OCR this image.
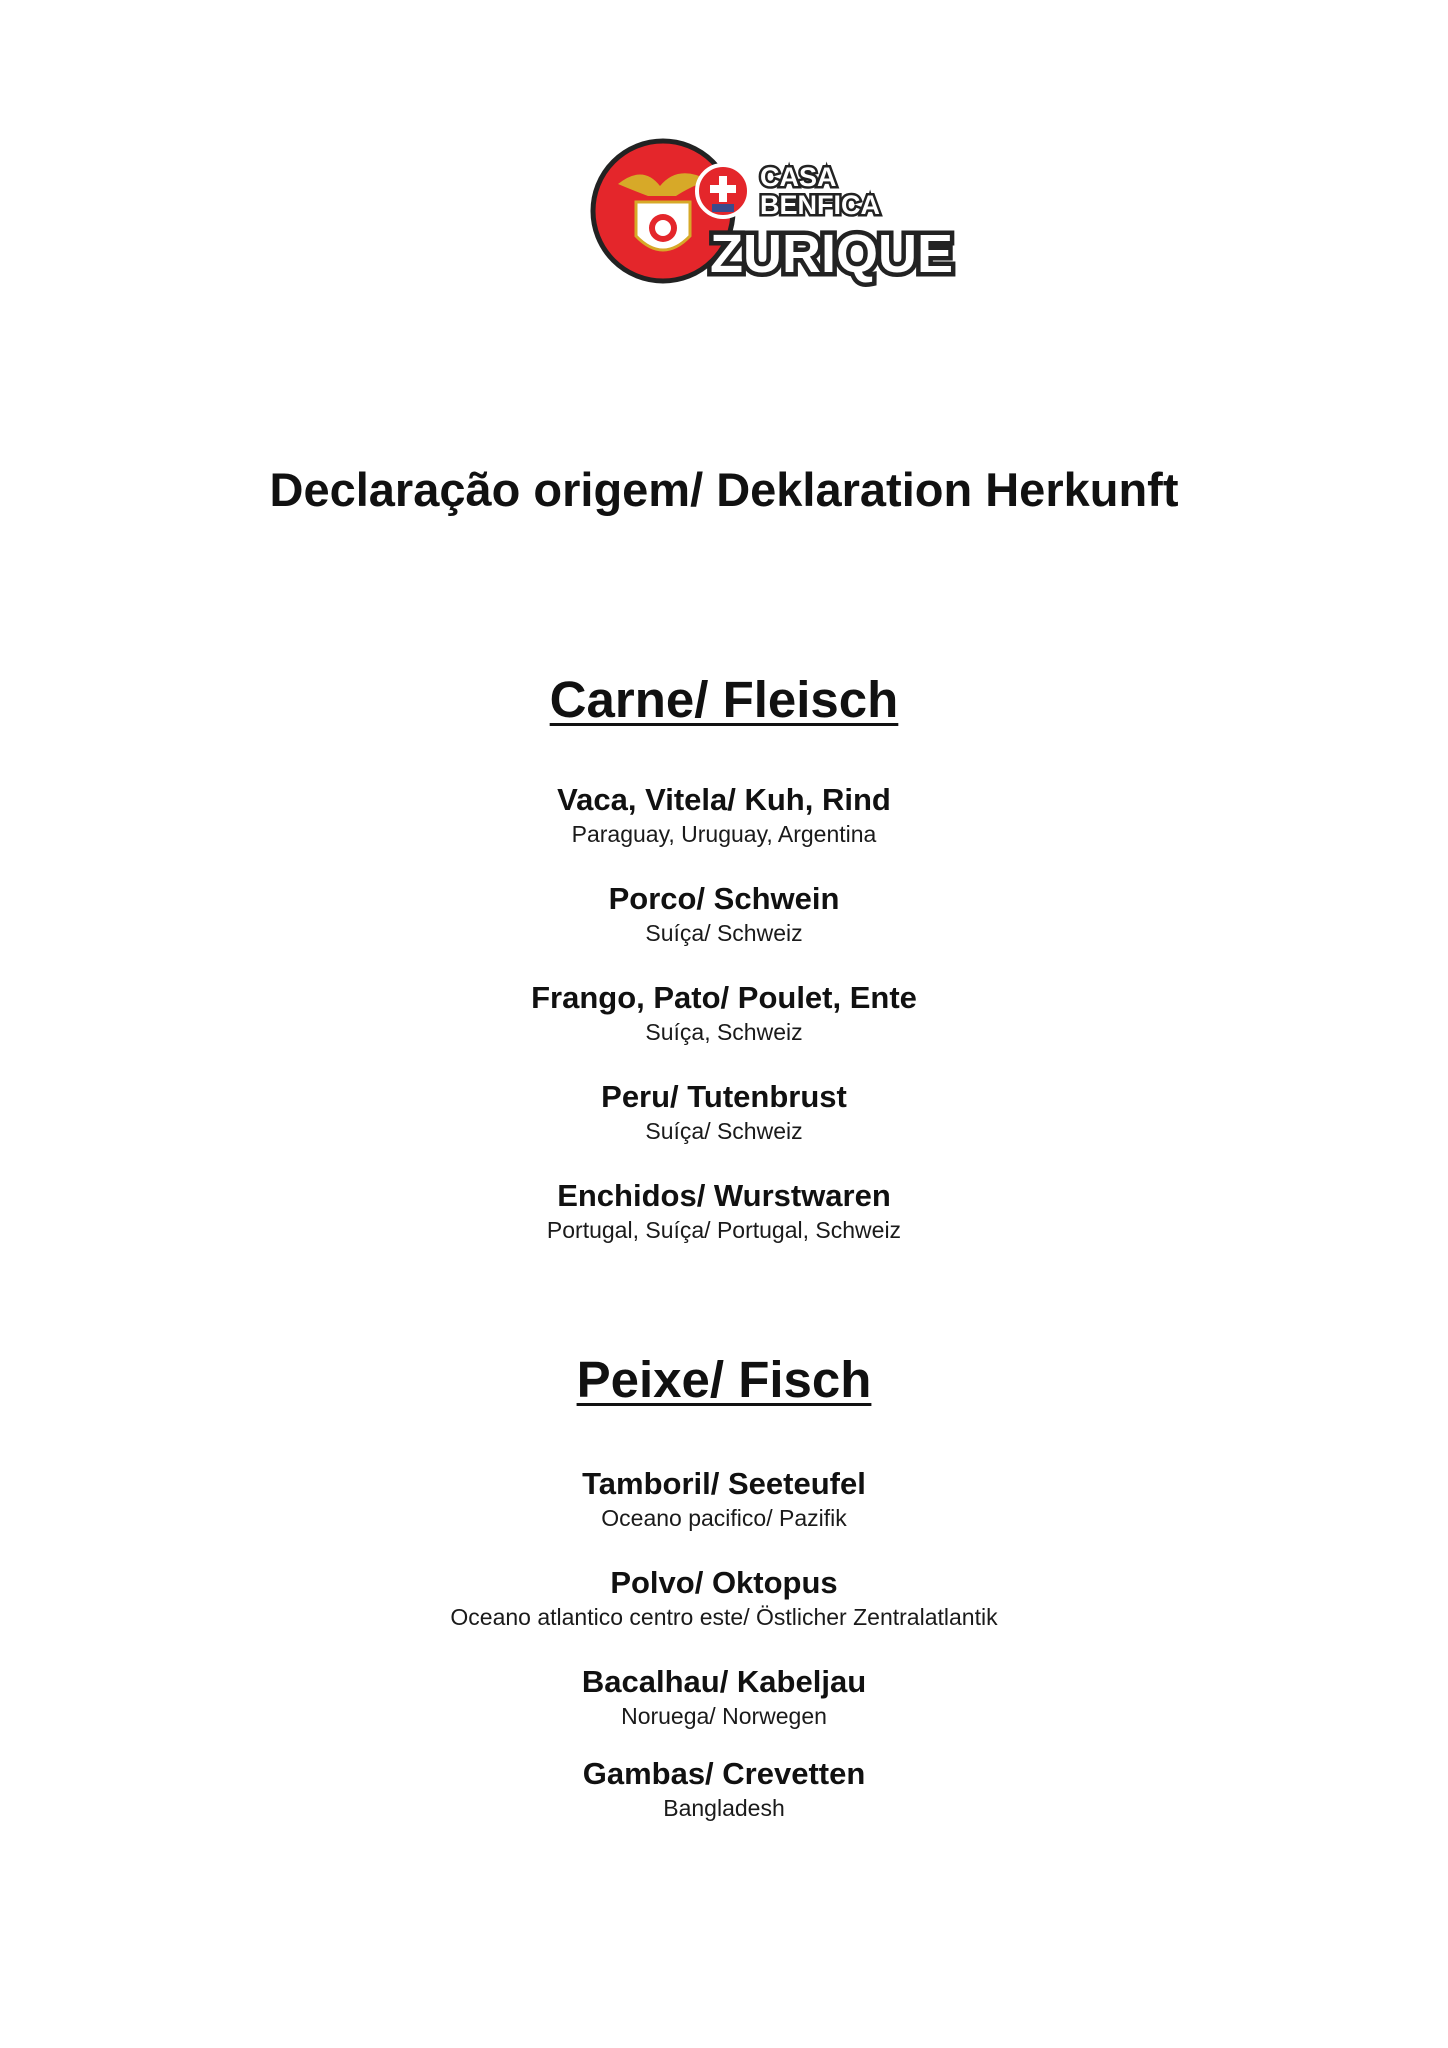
CASA
BENFICA
ZURIQUE
Declaração origem/ Deklaration Herkunft
Carne/ Fleisch
Vaca, Vitela/ Kuh, Rind
Paraguay, Uruguay, Argentina
Porco/ Schwein
Suíça/ Schweiz
Frango, Pato/ Poulet, Ente
Suíça, Schweiz
Peru/ Tutenbrust
Suíça/ Schweiz
Enchidos/ Wurstwaren
Portugal, Suíça/ Portugal, Schweiz
Peixe/ Fisch
Tamboril/ Seeteufel
Oceano pacifico/ Pazifik
Polvo/ Oktopus
Oceano atlantico centro este/ Östlicher Zentralatlantik
Bacalhau/ Kabeljau
Noruega/ Norwegen
Gambas/ Crevetten
Bangladesh
